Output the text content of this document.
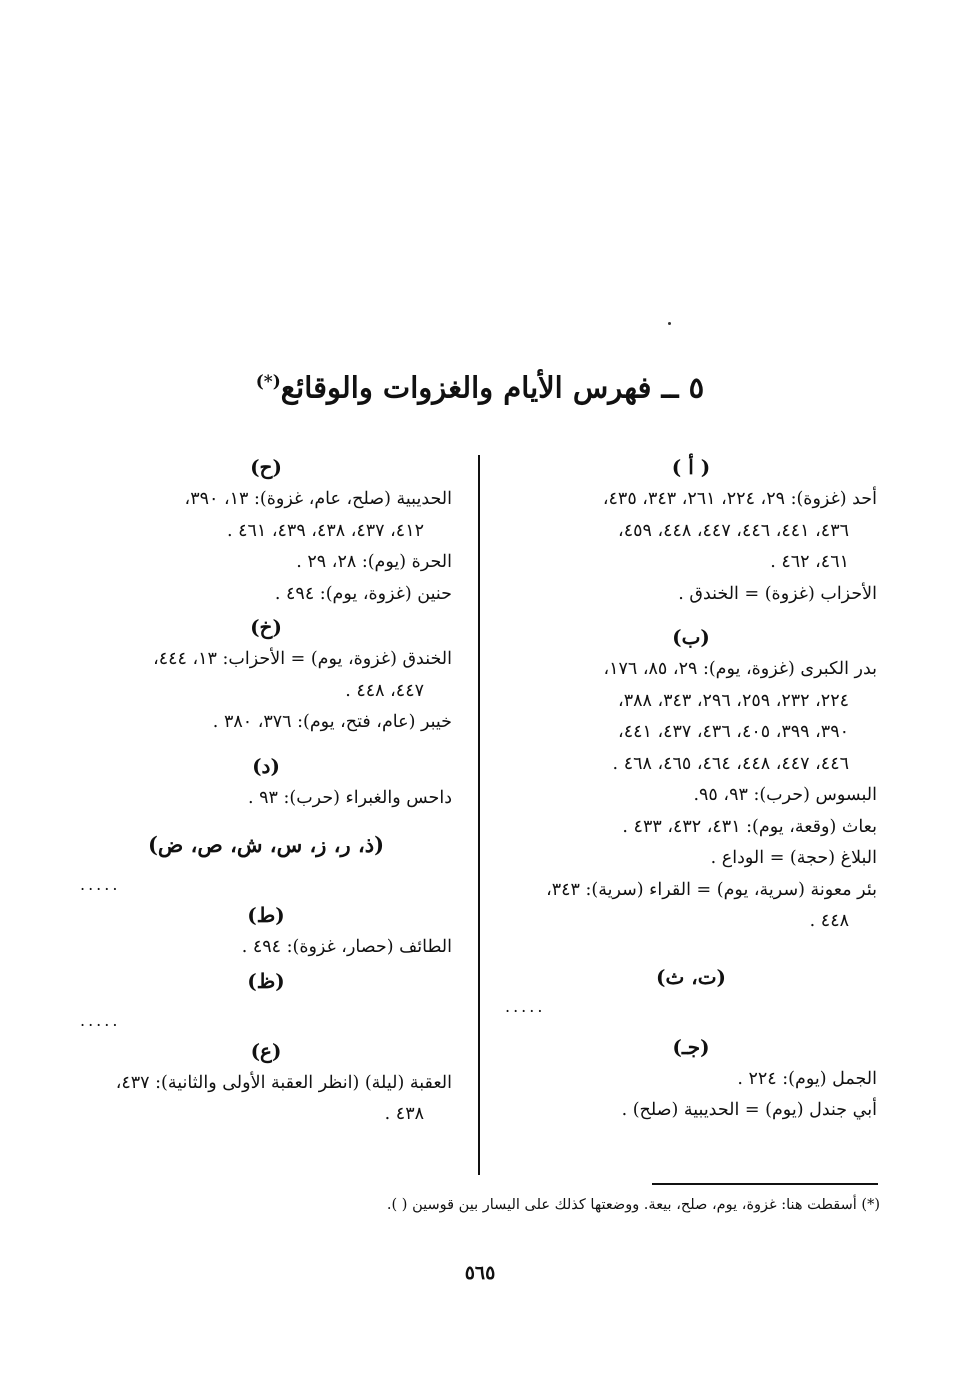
٥ ــ فهرس الأيام والغزوات والوقائع(*)
( أ )
أحد (غزوة): ٢٩، ٢٢٤، ٢٦١، ٣٤٣، ٤٣٥،
٤٣٦، ٤٤١، ٤٤٦، ٤٤٧، ٤٤٨، ٤٥٩،
٤٦١، ٤٦٢ .
الأحزاب (غزوة) = الخندق .
(ب)
بدر الكبرى (غزوة، يوم): ٢٩، ٨٥، ١٧٦،
٢٢٤، ٢٣٢، ٢٥٩، ٢٩٦، ٣٤٣، ٣٨٨،
٣٩٠، ٣٩٩، ٤٠٥، ٤٣٦، ٤٣٧، ٤٤١،
٤٤٦، ٤٤٧، ٤٤٨، ٤٦٤، ٤٦٥، ٤٦٨ .
البسوس (حرب): ٩٣، ٩٥.
بعاث (وقعة، يوم): ٤٣١، ٤٣٢، ٤٣٣ .
البلاغ (حجة) = الوداع .
بئر معونة (سرية، يوم) = القراء (سرية): ٣٤٣،
٤٤٨ .
(ت، ث)
.....
(جـ)
الجمل (يوم): ٢٢٤ .
أبي جندل (يوم) = الحديبية (صلح) .
(ح)
الحديبية (صلح، عام، غزوة): ١٣، ٣٩٠،
٤١٢، ٤٣٧، ٤٣٨، ٤٣٩، ٤٦١ .
الحرة (يوم): ٢٨، ٢٩ .
حنين (غزوة، يوم): ٤٩٤ .
(خ)
الخندق (غزوة، يوم) = الأحزاب: ١٣، ٤٤٤،
٤٤٧، ٤٤٨ .
خيبر (عام، فتح، يوم): ٣٧٦، ٣٨٠ .
(د)
داحس والغبراء (حرب): ٩٣ .
(ذ، ر، ز، س، ش، ص، ض)
.....
(ط)
الطائف (حصار، غزوة): ٤٩٤ .
(ظ)
.....
(ع)
العقبة (ليلة) (انظر العقبة الأولى والثانية): ٤٣٧،
٤٣٨ .
(*) أسقطت هنا: غزوة، يوم، صلح، بيعة. ووضعتها كذلك على اليسار بين قوسين ( ).
٥٦٥
